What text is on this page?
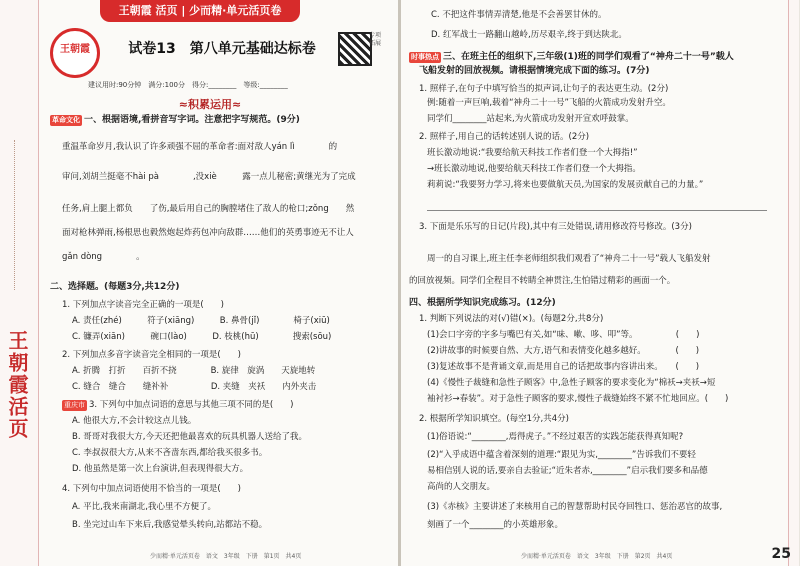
王朝霞活页
王朝霞 活页 | 少而精·单元活页卷
王朝霞	试卷13　第八单元基础达标卷
专项拓展
建议用时:90分钟　满分:100分　得分:________　等级:________
≈积累运用≈
革命文化 一、根据语境,看拼音写字词。注意把字写规范。(9分)
重温革命岁月,我认识了许多顽强不屈的革命者:面对敌人yán lì　　　　的
审问,刘胡兰挺毫不hài pà　　　　,没xiè　　　露一点儿秘密;黄继光为了完成
任务,肩上腿上都负　　了伤,最后用自己的胸膛堵住了敌人的枪口;zǒng　　然
面对枪林弹雨,杨根思也毅然炮起炸药包冲向敌群……他们的英勇事迹无不让人
gǎn dòng　　　　。
二、选择题。(每题3分,共12分)
1. 下列加点字读音完全正确的一项是(　　)
A. 责任(zhé)　　　符子(xiāng)　　　B. 鼻骨(jǐ)　　　　椅子(xiū)
C. 镰弄(xiān)　　　碗口(lào)　　　D. 枝桃(hū)　　　　搜索(sōu)
2. 下列加点多音字读音完全相同的一项是(　　)
A. 折腾　打折　　百折不挠　　　　B. 旋律　旋涡　　天旋地转
C. 缝合　缝合　　缝补补　　　　　D. 夹缝　夹袄　　内外夹击
重庆市 3. 下列句中加点词语的意思与其他三项不同的是(　　)
A. 他很大方,不会计较这点儿钱。
B. 哥哥对我很大方,今天还把他最喜欢的玩具机器人送给了我。
C. 李叔叔很大方,从来不吝啬东西,都给我买很多书。
D. 他虽然是第一次上台演讲,但表现得很大方。
4. 下列句中加点词语使用不恰当的一项是(　　)
A. 平比,我来南湖北,我心里不方便了。
B. 坐完过山车下来后,我感觉晕头转向,站都站不稳。
少而精·单元活页卷　语文　3年级　下册　第1页　共4页
C. 不把这件事情弄清楚,他是不会善罢甘休的。
D. 红军战士一路翻山越岭,历尽艰辛,终于到达陕北。
时事热点 三、在班主任的组织下,三年级(1)班的同学们观看了“神舟二十一号”载人
飞船发射的回放视频。请根据情境完成下面的练习。(7分)
1. 照样子,在句子中填写恰当的拟声词,让句子的表达更生动。(2分)
例:随着一声巨响,载着“神舟二十一号”飞船的火箭成功发射升空。
同学们________站起来,为火箭成功发射开宣欢呼鼓掌。
2. 照样子,用自己的话转述别人说的话。(2分)
班长激动地说:“我要给航天科技工作者们登一个大拇指!”
→班长激动地说,他要给航天科技工作者们登一个大拇指。
莉莉说:“我要努力学习,将来也要做航天员,为国家的发展贡献自己的力量。”
3. 下面是乐乐写的日记(片段),其中有三处错误,请用修改符号修改。(3分)
周一的自习课上,班主任李老师组织我们观看了“神舟二十一号”载人飞船发射
的回放视频。同学们全程目不转睛全神贯注,生怕错过精彩的画面一个。
四、根据所学知识完成练习。(12分)
1. 判断下列说法的对(√)错(×)。(每题2分,共8分)
(1)会口字旁的字多与嘴巴有关,如“味、嗽、哆、叩”等。　　　　　(　　)
(2)讲故事的时候要自然、大方,语气和表情变化越多越好。　　　　(　　)
(3)复述故事不是背诵文章,而是用自己的话把故事内容讲出来。　　(　　)
(4)《慢性子裁缝和急性子顾客》中,急性子顾客的要求变化为“棉袄→夹袄→短
袖衬衫→春装”。对于急性子顾客的要求,慢性子裁缝始终不紧不忙地回应。(　　)
2. 根据所学知识填空。(每空1分,共4分)
(1)俗语说:“________,焉得虎子。”不经过艰苦的实践怎能获得真知呢?
(2)“入乎成语中蕴含着深刻的道理:“跟见为实,________”告诉我们不要轻
易相信别人说的话,要亲自去验证;“近朱者赤,________”启示我们要多和品德
高尚的人交朋友。
(3)《赤核》主要讲述了来核用自己的智慧帮助村民夺回牲口、惩治恶官的故事,
刻画了一个________的小英雄形象。
少而精·单元活页卷　语文　3年级　下册　第2页　共4页	25
